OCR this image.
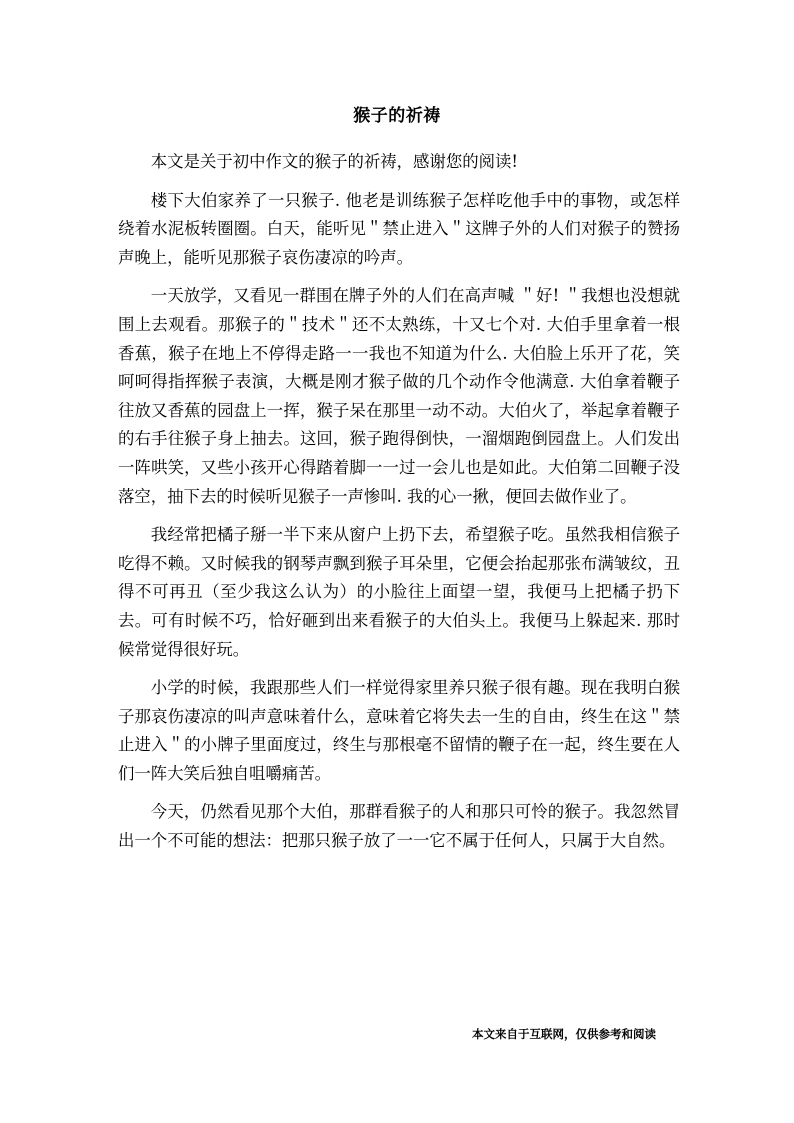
猴子的祈祷

本文是关于初中作文的猴子的祈祷，感谢您的阅读!

楼下大伯家养了一只猴子. 他老是训练猴子怎样吃他手中的事物，或怎样绕着水泥板转圈圈。白天，能听见＂禁止进入＂这牌子外的人们对猴子的赞扬声晚上，能听见那猴子哀伤凄凉的吟声。

一天放学，又看见一群围在牌子外的人们在高声喊 ＂好! ＂我想也没想就围上去观看。那猴子的＂技术＂还不太熟练，十又七个对. 大伯手里拿着一根香蕉，猴子在地上不停得走路一一我也不知道为什么. 大伯脸上乐开了花，笑呵呵得指挥猴子表演，大概是刚才猴子做的几个动作令他满意. 大伯拿着鞭子往放又香蕉的园盘上一挥，猴子呆在那里一动不动。大伯火了，举起拿着鞭子的右手往猴子身上抽去。这回，猴子跑得倒快，一溜烟跑倒园盘上。人们发出一阵哄笑，又些小孩开心得踏着脚一一过一会儿也是如此。大伯第二回鞭子没落空，抽下去的时候听见猴子一声惨叫. 我的心一揪，便回去做作业了。

我经常把橘子掰一半下来从窗户上扔下去，希望猴子吃。虽然我相信猴子吃得不赖。又时候我的钢琴声飘到猴子耳朵里，它便会抬起那张布满皱纹，丑得不可再丑（至少我这么认为）的小脸往上面望一望，我便马上把橘子扔下去。可有时候不巧，恰好砸到出来看猴子的大伯头上。我便马上躲起来. 那时候常觉得很好玩。

小学的时候，我跟那些人们一样觉得家里养只猴子很有趣。现在我明白猴子那哀伤凄凉的叫声意味着什么，意味着它将失去一生的自由，终生在这＂禁止进入＂的小牌子里面度过，终生与那根毫不留情的鞭子在一起，终生要在人们一阵大笑后独自咀嚼痛苦。

今天，仍然看见那个大伯，那群看猴子的人和那只可怜的猴子。我忽然冒出一个不可能的想法：把那只猴子放了一一它不属于任何人，只属于大自然。

本文来自于互联网，仅供参考和阅读
